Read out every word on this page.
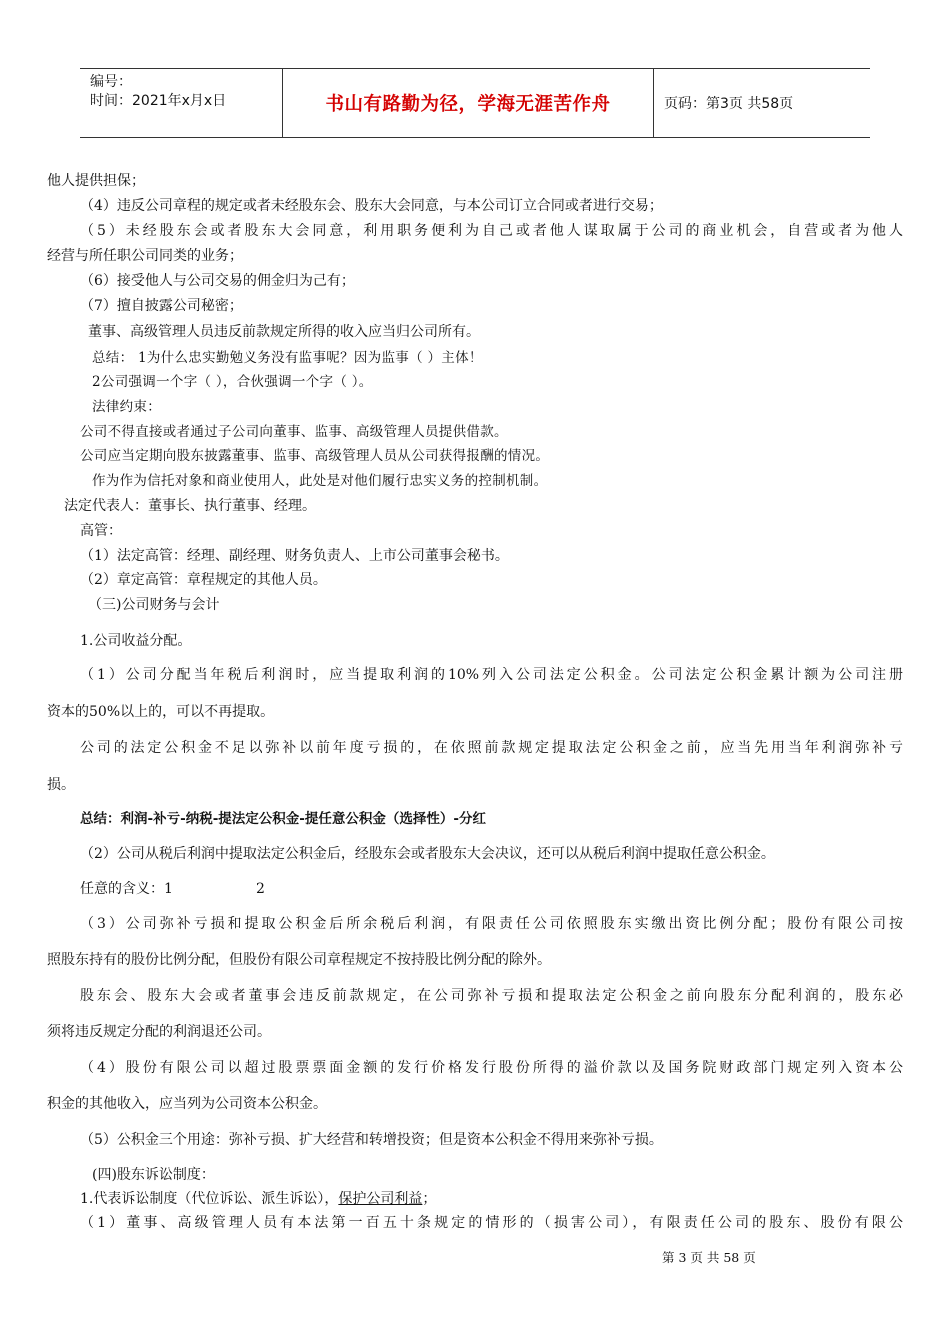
编号：
时间：2021年x月x日	书山有路勤为径，学海无涯苦作舟	页码：第3页 共58页
他人提供担保；
（4）违反公司章程的规定或者未经股东会、股东大会同意，与本公司订立合同或者进行交易；
（5）未经股东会或者股东大会同意，利用职务便利为自己或者他人谋取属于公司的商业机会，自营或者为他人
经营与所任职公司同类的业务；
（6）接受他人与公司交易的佣金归为己有；
（7）擅自披露公司秘密；
董事、高级管理人员违反前款规定所得的收入应当归公司所有。
总结： 1为什么忠实勤勉义务没有监事呢？因为监事（ ）主体！
2公司强调一个字（ ），合伙强调一个字（ ）。
法律约束：
公司不得直接或者通过子公司向董事、监事、高级管理人员提供借款。
公司应当定期向股东披露董事、监事、高级管理人员从公司获得报酬的情况。
作为作为信托对象和商业使用人，此处是对他们履行忠实义务的控制机制。
法定代表人：董事长、执行董事、经理。
高管：
（1）法定高管：经理、副经理、财务负责人、上市公司董事会秘书。
（2）章定高管：章程规定的其他人员。
（三)公司财务与会计
1.公司收益分配。
（1）公司分配当年税后利润时，应当提取利润的10%列入公司法定公积金。公司法定公积金累计额为公司注册
资本的50%以上的，可以不再提取。
公司的法定公积金不足以弥补以前年度亏损的，在依照前款规定提取法定公积金之前，应当先用当年利润弥补亏
损。
总结：利润-补亏-纳税-提法定公积金-提任意公积金（选择性）-分红
（2）公司从税后利润中提取法定公积金后，经股东会或者股东大会决议，还可以从税后利润中提取任意公积金。
任意的含义：1	2
（3）公司弥补亏损和提取公积金后所余税后利润，有限责任公司依照股东实缴出资比例分配；股份有限公司按
照股东持有的股份比例分配，但股份有限公司章程规定不按持股比例分配的除外。
股东会、股东大会或者董事会违反前款规定，在公司弥补亏损和提取法定公积金之前向股东分配利润的，股东必
须将违反规定分配的利润退还公司。
（4）股份有限公司以超过股票票面金额的发行价格发行股份所得的溢价款以及国务院财政部门规定列入资本公
积金的其他收入，应当列为公司资本公积金。
（5）公积金三个用途：弥补亏损、扩大经营和转增投资；但是资本公积金不得用来弥补亏损。
(四)股东诉讼制度：
1.代表诉讼制度（代位诉讼、派生诉讼），保护公司利益；
（1）董事、高级管理人员有本法第一百五十条规定的情形的（损害公司），有限责任公司的股东、股份有限公
第 3 页 共 58 页
